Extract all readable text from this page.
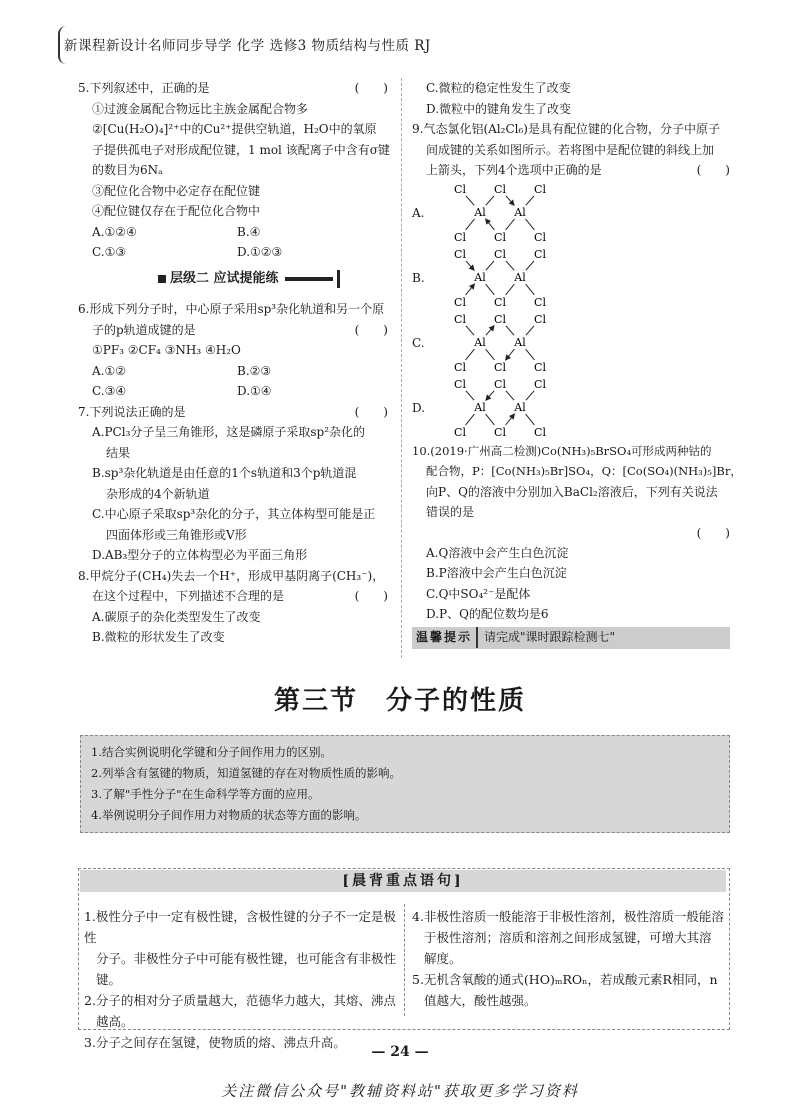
新课程新设计名师同步导学 化学 选修3 物质结构与性质 RJ
5.下列叙述中，正确的是	(　　)
①过渡金属配合物远比主族金属配合物多
②[Cu(H₂O)₄]²⁺中的Cu²⁺提供空轨道，H₂O中的氧原
子提供孤电子对形成配位键，1 mol 该配离子中含有σ键
的数目为6Nₐ
③配位化合物中必定存在配位键
④配位键仅存在于配位化合物中
A.①②④	B.④
C.①③	D.①②③
层级二 应试提能练
6.形成下列分子时，中心原子采用sp³杂化轨道和另一个原
子的p轨道成键的是	(　　)
①PF₃ ②CF₄ ③NH₃ ④H₂O
A.①②	B.②③
C.③④	D.①④
7.下列说法正确的是	(　　)
A.PCl₃分子呈三角锥形，这是磷原子采取sp²杂化的
结果
B.sp³杂化轨道是由任意的1个s轨道和3个p轨道混
杂形成的4个新轨道
C.中心原子采取sp³杂化的分子，其立体构型可能是正
四面体形或三角锥形或V形
D.AB₃型分子的立体构型必为平面三角形
8.甲烷分子(CH₄)失去一个H⁺，形成甲基阴离子(CH₃⁻)，
在这个过程中，下列描述不合理的是	(　　)
A.碳原子的杂化类型发生了改变
B.微粒的形状发生了改变
C.微粒的稳定性发生了改变
D.微粒中的键角发生了改变
9.气态氯化铝(Al₂Cl₆)是具有配位键的化合物，分子中原子
间成键的关系如图所示。若将图中是配位键的斜线上加
上箭头，下列4个选项中正确的是	(　　)
A.
Cl	Cl	Cl
Cl	Cl	Cl
Al	Al
B.
Cl	Cl	Cl
Cl	Cl	Cl
Al	Al
C.
Cl	Cl	Cl
Cl	Cl	Cl
Al	Al
D.
Cl	Cl	Cl
Cl	Cl	Cl
Al	Al
10.(2019·广州高二检测)Co(NH₃)₅BrSO₄可形成两种钴的
配合物，P：[Co(NH₃)₅Br]SO₄，Q：[Co(SO₄)(NH₃)₅]Br，
向P、Q的溶液中分别加入BaCl₂溶液后，下列有关说法
错误的是
(　　)
A.Q溶液中会产生白色沉淀
B.P溶液中会产生白色沉淀
C.Q中SO₄²⁻是配体
D.P、Q的配位数均是6
温馨提示	请完成"课时跟踪检测七"
第三节　分子的性质
1.结合实例说明化学键和分子间作用力的区别。
2.列举含有氢键的物质，知道氢键的存在对物质性质的影响。
3.了解"手性分子"在生命科学等方面的应用。
4.举例说明分子间作用力对物质的状态等方面的影响。
[晨背重点语句]
1.极性分子中一定有极性键，含极性键的分子不一定是极性
分子。非极性分子中可能有极性键，也可能含有非极性键。
2.分子的相对分子质量越大，范德华力越大，其熔、沸点
越高。
3.分子之间存在氢键，使物质的熔、沸点升高。
4.非极性溶质一般能溶于非极性溶剂，极性溶质一般能溶
于极性溶剂；溶质和溶剂之间形成氢键，可增大其溶
解度。
5.无机含氧酸的通式(HO)ₘROₙ，若成酸元素R相同，n
值越大，酸性越强。
— 24 —
关注微信公众号"教辅资料站"获取更多学习资料
